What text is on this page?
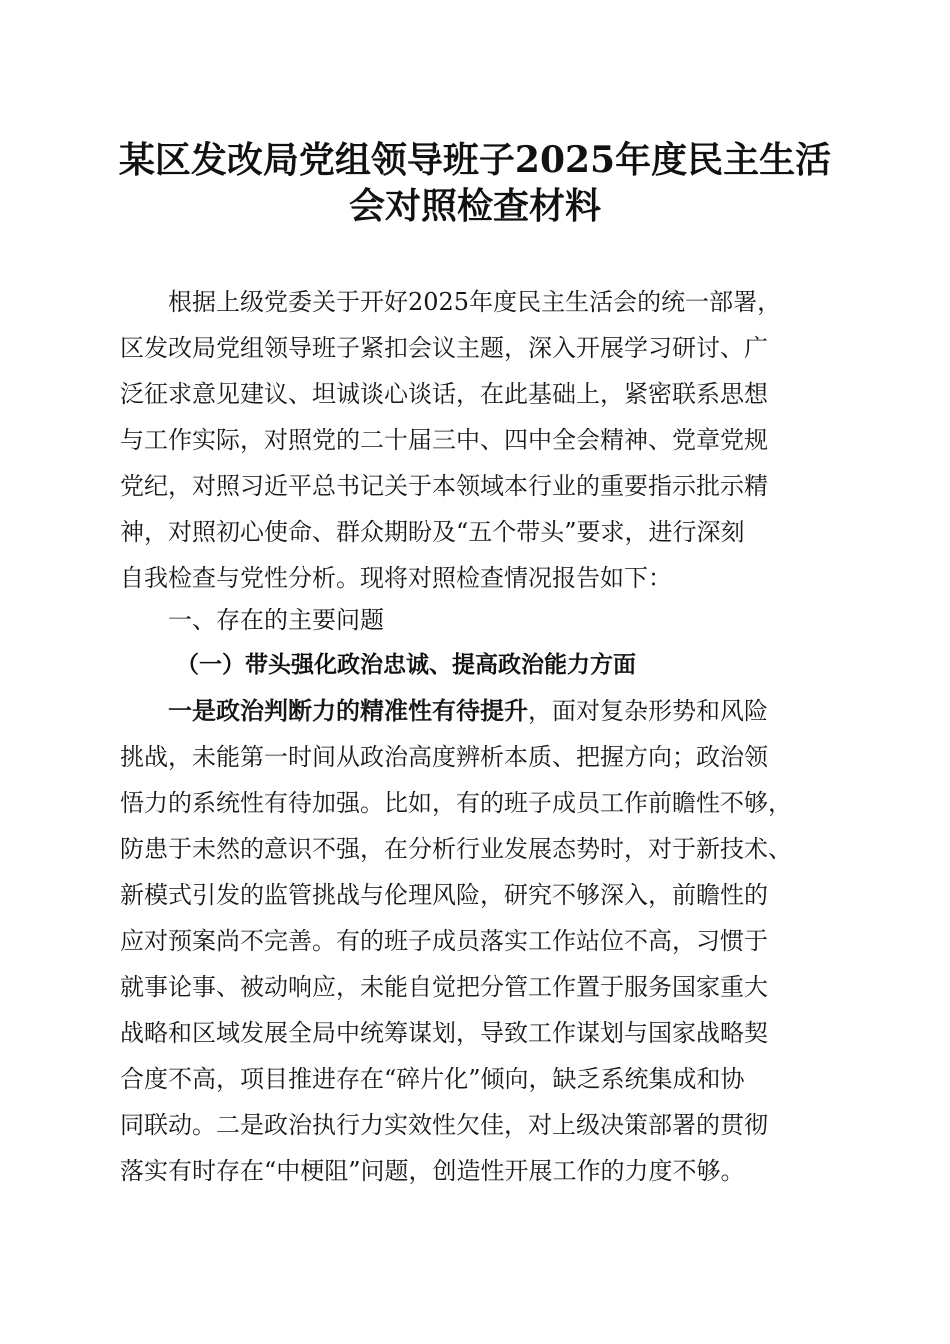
某区发改局党组领导班子2025年度民主生活
会对照检查材料
根据上级党委关于开好2025年度民主生活会的统一部署，
区发改局党组领导班子紧扣会议主题，深入开展学习研讨、广
泛征求意见建议、坦诚谈心谈话，在此基础上，紧密联系思想
与工作实际，对照党的二十届三中、四中全会精神、党章党规
党纪，对照习近平总书记关于本领域本行业的重要指示批示精
神，对照初心使命、群众期盼及“五个带头”要求，进行深刻
自我检查与党性分析。现将对照检查情况报告如下：
一、存在的主要问题
（一）带头强化政治忠诚、提高政治能力方面
一是政治判断力的精准性有待提升，面对复杂形势和风险
挑战，未能第一时间从政治高度辨析本质、把握方向；政治领
悟力的系统性有待加强。比如，有的班子成员工作前瞻性不够，
防患于未然的意识不强，在分析行业发展态势时，对于新技术、
新模式引发的监管挑战与伦理风险，研究不够深入，前瞻性的
应对预案尚不完善。有的班子成员落实工作站位不高，习惯于
就事论事、被动响应，未能自觉把分管工作置于服务国家重大
战略和区域发展全局中统筹谋划，导致工作谋划与国家战略契
合度不高，项目推进存在“碎片化”倾向，缺乏系统集成和协
同联动。二是政治执行力实效性欠佳，对上级决策部署的贯彻
落实有时存在“中梗阻”问题，创造性开展工作的力度不够。
